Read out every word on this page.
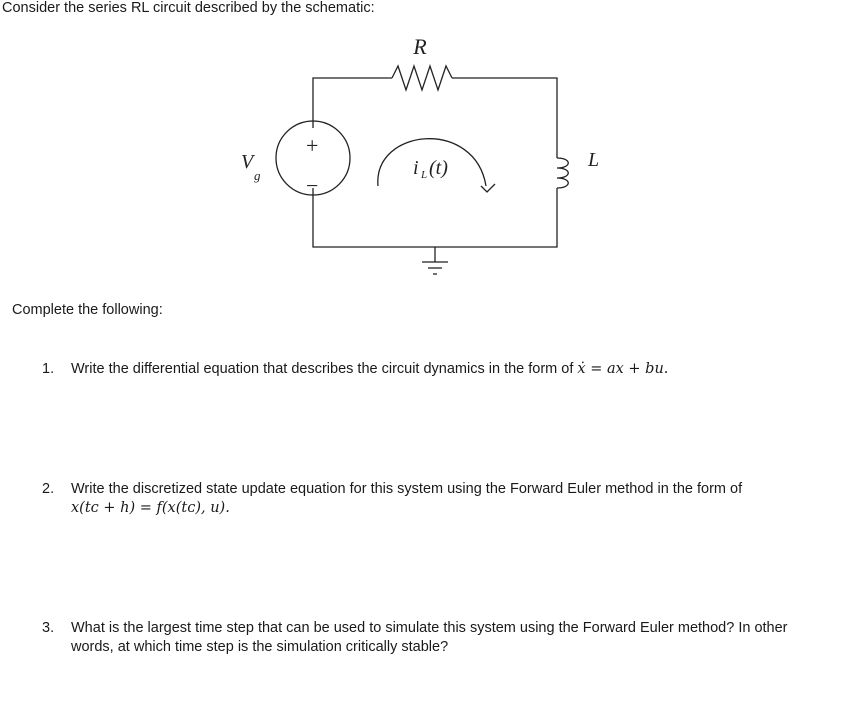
Consider the series RL circuit described by the schematic:
R
L
V
g
+
−
i L (t)
Complete the following:
1. Write the differential equation that describes the circuit dynamics in the form of ẋ = ax + bu.
2. Write the discretized state update equation for this system using the Forward Euler method in the form of
x(tᴄ + h) = f(x(tᴄ), u).
3. What is the largest time step that can be used to simulate this system using the Forward Euler method? In other words, at which time step is the simulation critically stable?
